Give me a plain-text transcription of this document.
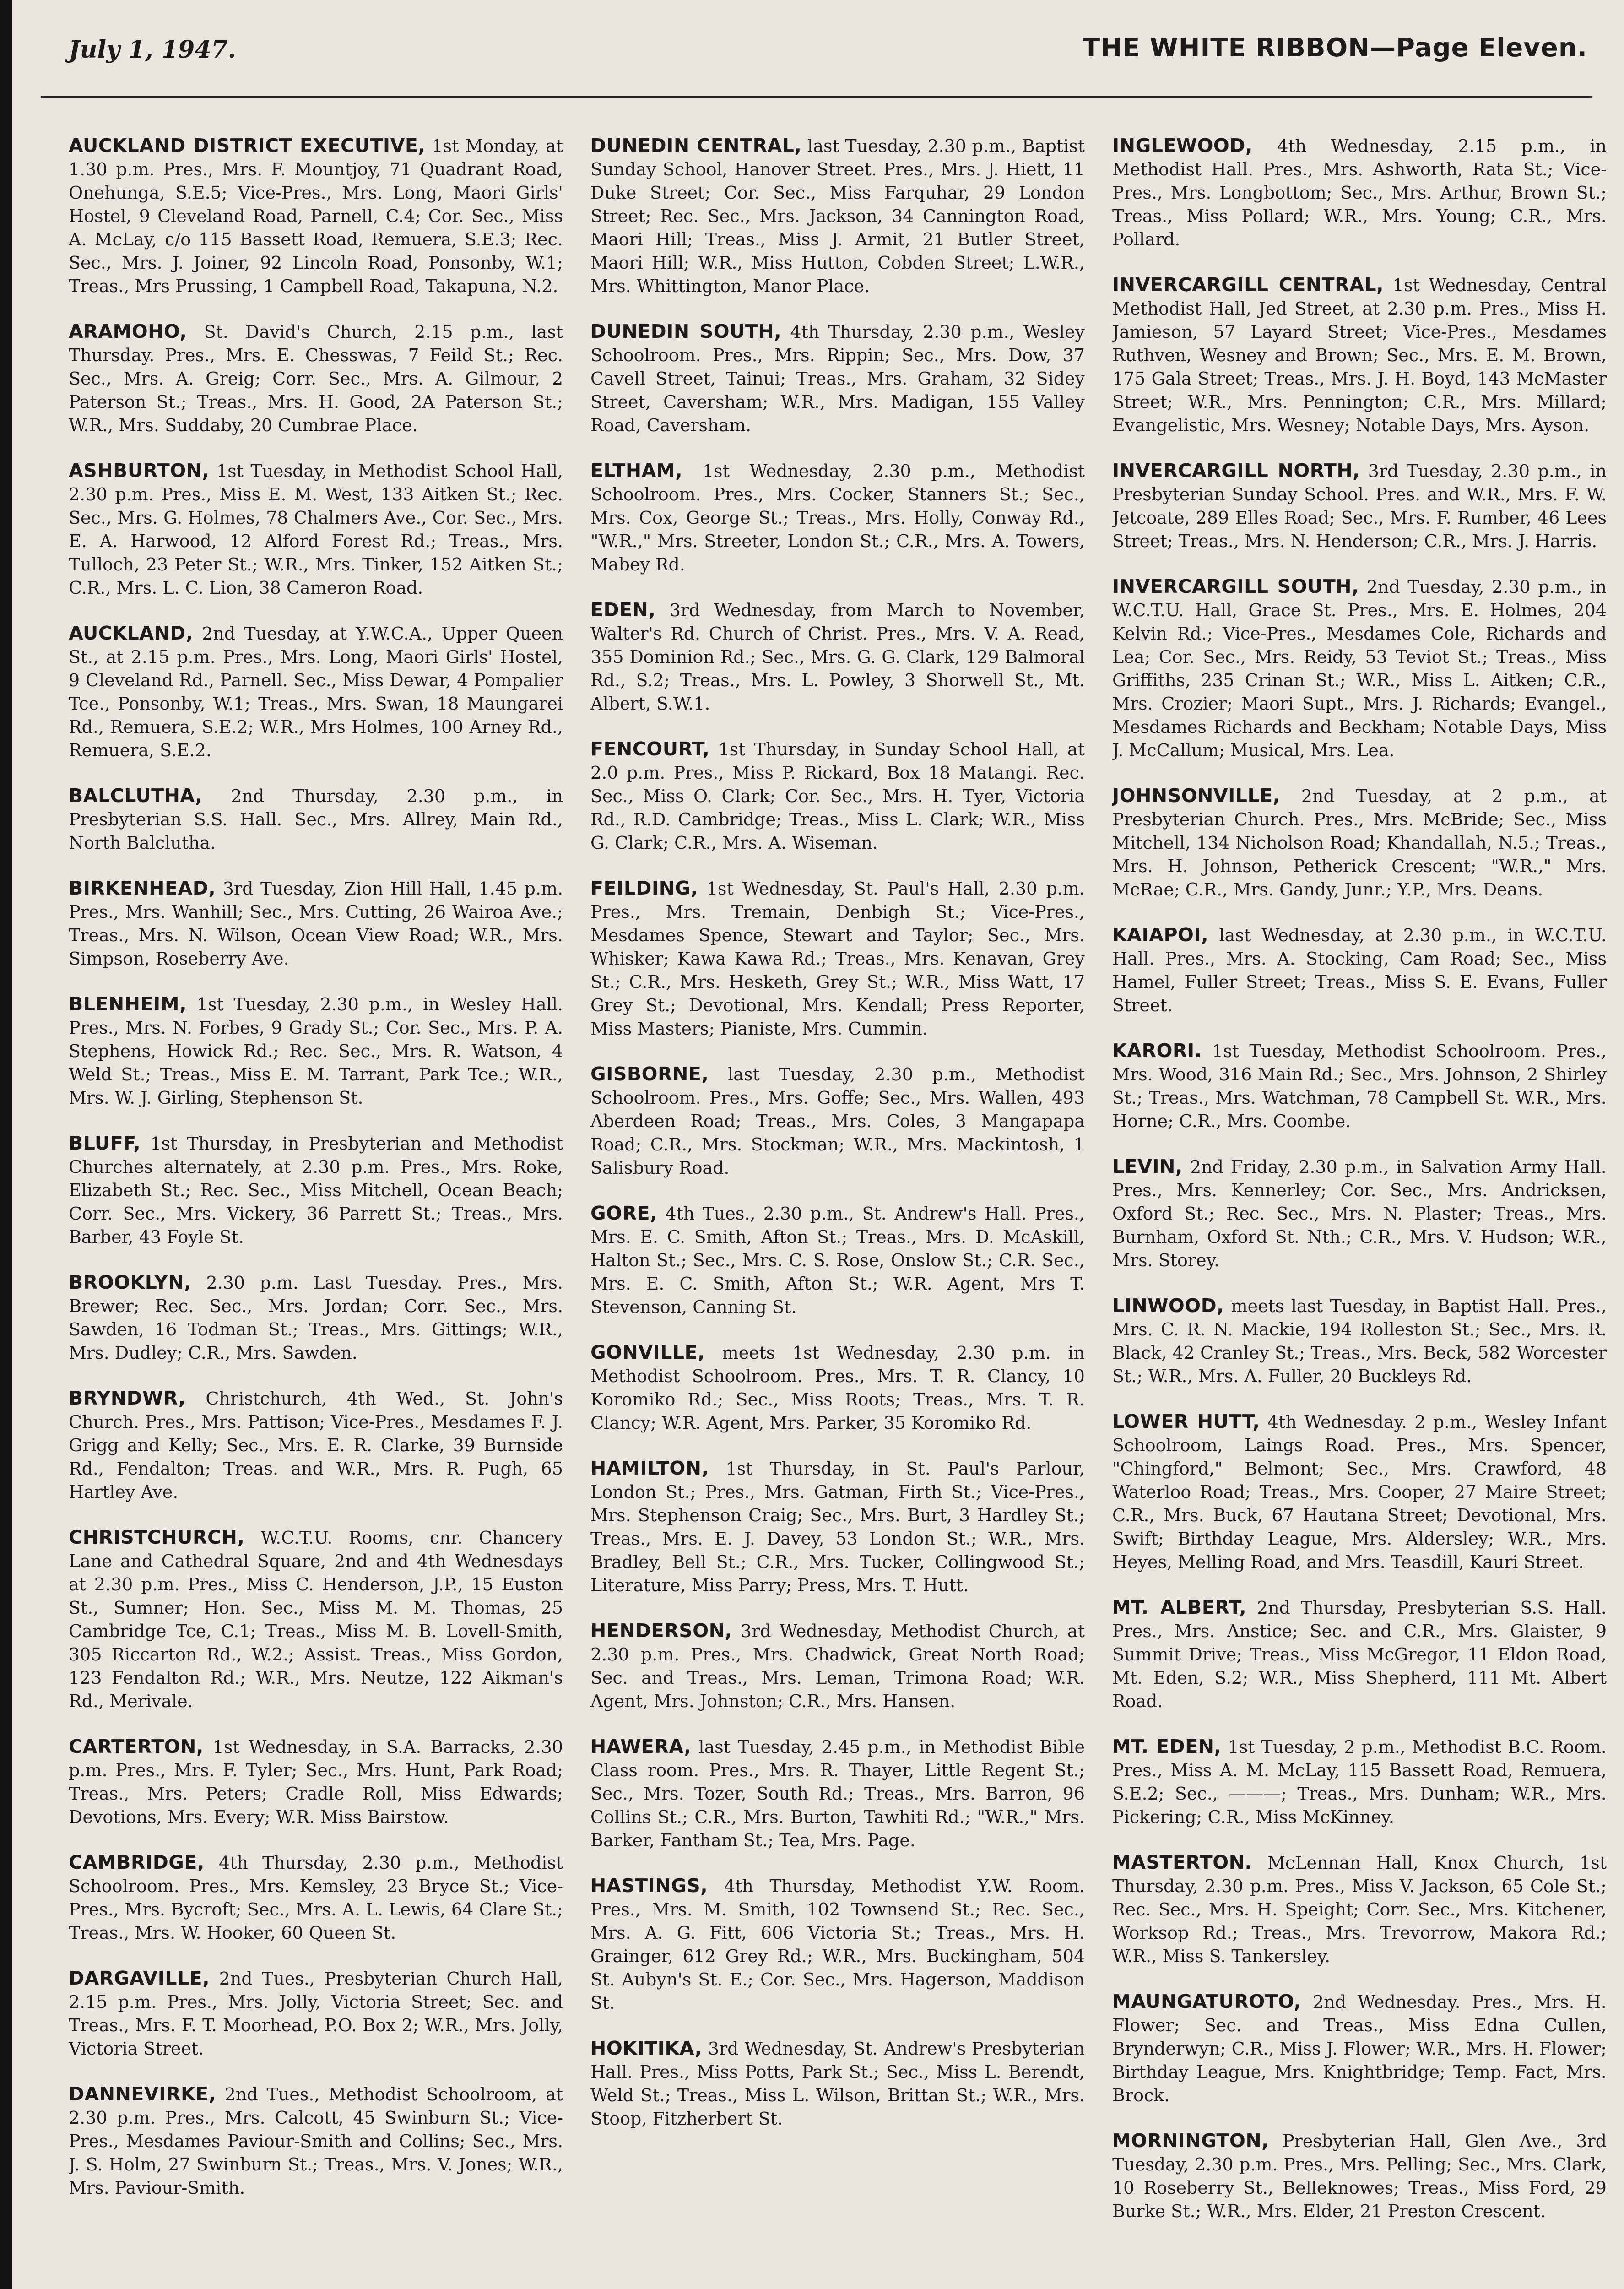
July 1, 1947.	THE WHITE RIBBON—Page Eleven.

AUCKLAND DISTRICT EXECUTIVE, 1st Monday, at 1.30 p.m. Pres., Mrs. F. Mountjoy, 71 Quadrant Road, Onehunga, S.E.5; Vice-Pres., Mrs. Long, Maori Girls' Hostel, 9 Cleveland Road, Parnell, C.4; Cor. Sec., Miss A. McLay, c/o 115 Bassett Road, Remuera, S.E.3; Rec. Sec., Mrs. J. Joiner, 92 Lincoln Road, Ponsonby, W.1; Treas., Mrs Prussing, 1 Campbell Road, Takapuna, N.2.

ARAMOHO, St. David's Church, 2.15 p.m., last Thursday. Pres., Mrs. E. Chesswas, 7 Feild St.; Rec. Sec., Mrs. A. Greig; Corr. Sec., Mrs. A. Gilmour, 2 Paterson St.; Treas., Mrs. H. Good, 2A Paterson St.; W.R., Mrs. Suddaby, 20 Cumbrae Place.

ASHBURTON, 1st Tuesday, in Methodist School Hall, 2.30 p.m. Pres., Miss E. M. West, 133 Aitken St.; Rec. Sec., Mrs. G. Holmes, 78 Chalmers Ave., Cor. Sec., Mrs. E. A. Harwood, 12 Alford Forest Rd.; Treas., Mrs. Tulloch, 23 Peter St.; W.R., Mrs. Tinker, 152 Aitken St.; C.R., Mrs. L. C. Lion, 38 Cameron Road.

AUCKLAND, 2nd Tuesday, at Y.W.C.A., Upper Queen St., at 2.15 p.m. Pres., Mrs. Long, Maori Girls' Hostel, 9 Cleveland Rd., Parnell. Sec., Miss Dewar, 4 Pompalier Tce., Ponsonby, W.1; Treas., Mrs. Swan, 18 Maungarei Rd., Remuera, S.E.2; W.R., Mrs Holmes, 100 Arney Rd., Remuera, S.E.2.

BALCLUTHA, 2nd Thursday, 2.30 p.m., in Presbyterian S.S. Hall. Sec., Mrs. Allrey, Main Rd., North Balclutha.

BIRKENHEAD, 3rd Tuesday, Zion Hill Hall, 1.45 p.m. Pres., Mrs. Wanhill; Sec., Mrs. Cutting, 26 Wairoa Ave.; Treas., Mrs. N. Wilson, Ocean View Road; W.R., Mrs. Simpson, Roseberry Ave.

BLENHEIM, 1st Tuesday, 2.30 p.m., in Wesley Hall. Pres., Mrs. N. Forbes, 9 Grady St.; Cor. Sec., Mrs. P. A. Stephens, Howick Rd.; Rec. Sec., Mrs. R. Watson, 4 Weld St.; Treas., Miss E. M. Tarrant, Park Tce.; W.R., Mrs. W. J. Girling, Stephenson St.

BLUFF, 1st Thursday, in Presbyterian and Methodist Churches alternately, at 2.30 p.m. Pres., Mrs. Roke, Elizabeth St.; Rec. Sec., Miss Mitchell, Ocean Beach; Corr. Sec., Mrs. Vickery, 36 Parrett St.; Treas., Mrs. Barber, 43 Foyle St.

BROOKLYN, 2.30 p.m. Last Tuesday. Pres., Mrs. Brewer; Rec. Sec., Mrs. Jordan; Corr. Sec., Mrs. Sawden, 16 Todman St.; Treas., Mrs. Gittings; W.R., Mrs. Dudley; C.R., Mrs. Sawden.

BRYNDWR, Christchurch, 4th Wed., St. John's Church. Pres., Mrs. Pattison; Vice-Pres., Mesdames F. J. Grigg and Kelly; Sec., Mrs. E. R. Clarke, 39 Burnside Rd., Fendalton; Treas. and W.R., Mrs. R. Pugh, 65 Hartley Ave.

CHRISTCHURCH, W.C.T.U. Rooms, cnr. Chancery Lane and Cathedral Square, 2nd and 4th Wednesdays at 2.30 p.m. Pres., Miss C. Henderson, J.P., 15 Euston St., Sumner; Hon. Sec., Miss M. M. Thomas, 25 Cambridge Tce, C.1; Treas., Miss M. B. Lovell-Smith, 305 Riccarton Rd., W.2.; Assist. Treas., Miss Gordon, 123 Fendalton Rd.; W.R., Mrs. Neutze, 122 Aikman's Rd., Merivale.

CARTERTON, 1st Wednesday, in S.A. Barracks, 2.30 p.m. Pres., Mrs. F. Tyler; Sec., Mrs. Hunt, Park Road; Treas., Mrs. Peters; Cradle Roll, Miss Edwards; Devotions, Mrs. Every; W.R. Miss Bairstow.

CAMBRIDGE, 4th Thursday, 2.30 p.m., Methodist Schoolroom. Pres., Mrs. Kemsley, 23 Bryce St.; Vice-Pres., Mrs. Bycroft; Sec., Mrs. A. L. Lewis, 64 Clare St.; Treas., Mrs. W. Hooker, 60 Queen St.

DARGAVILLE, 2nd Tues., Presbyterian Church Hall, 2.15 p.m. Pres., Mrs. Jolly, Victoria Street; Sec. and Treas., Mrs. F. T. Moorhead, P.O. Box 2; W.R., Mrs. Jolly, Victoria Street.

DANNEVIRKE, 2nd Tues., Methodist Schoolroom, at 2.30 p.m. Pres., Mrs. Calcott, 45 Swinburn St.; Vice-Pres., Mesdames Paviour-Smith and Collins; Sec., Mrs. J. S. Holm, 27 Swinburn St.; Treas., Mrs. V. Jones; W.R., Mrs. Paviour-Smith.

DUNEDIN CENTRAL, last Tuesday, 2.30 p.m., Baptist Sunday School, Hanover Street. Pres., Mrs. J. Hiett, 11 Duke Street; Cor. Sec., Miss Farquhar, 29 London Street; Rec. Sec., Mrs. Jackson, 34 Cannington Road, Maori Hill; Treas., Miss J. Armit, 21 Butler Street, Maori Hill; W.R., Miss Hutton, Cobden Street; L.W.R., Mrs. Whittington, Manor Place.

DUNEDIN SOUTH, 4th Thursday, 2.30 p.m., Wesley Schoolroom. Pres., Mrs. Rippin; Sec., Mrs. Dow, 37 Cavell Street, Tainui; Treas., Mrs. Graham, 32 Sidey Street, Caversham; W.R., Mrs. Madigan, 155 Valley Road, Caversham.

ELTHAM, 1st Wednesday, 2.30 p.m., Methodist Schoolroom. Pres., Mrs. Cocker, Stanners St.; Sec., Mrs. Cox, George St.; Treas., Mrs. Holly, Conway Rd., "W.R.," Mrs. Streeter, London St.; C.R., Mrs. A. Towers, Mabey Rd.

EDEN, 3rd Wednesday, from March to November, Walter's Rd. Church of Christ. Pres., Mrs. V. A. Read, 355 Dominion Rd.; Sec., Mrs. G. G. Clark, 129 Balmoral Rd., S.2; Treas., Mrs. L. Powley, 3 Shorwell St., Mt. Albert, S.W.1.

FENCOURT, 1st Thursday, in Sunday School Hall, at 2.0 p.m. Pres., Miss P. Rickard, Box 18 Matangi. Rec. Sec., Miss O. Clark; Cor. Sec., Mrs. H. Tyer, Victoria Rd., R.D. Cambridge; Treas., Miss L. Clark; W.R., Miss G. Clark; C.R., Mrs. A. Wiseman.

FEILDING, 1st Wednesday, St. Paul's Hall, 2.30 p.m. Pres., Mrs. Tremain, Denbigh St.; Vice-Pres., Mesdames Spence, Stewart and Taylor; Sec., Mrs. Whisker; Kawa Kawa Rd.; Treas., Mrs. Kenavan, Grey St.; C.R., Mrs. Hesketh, Grey St.; W.R., Miss Watt, 17 Grey St.; Devotional, Mrs. Kendall; Press Reporter, Miss Masters; Pianiste, Mrs. Cummin.

GISBORNE, last Tuesday, 2.30 p.m., Methodist Schoolroom. Pres., Mrs. Goffe; Sec., Mrs. Wallen, 493 Aberdeen Road; Treas., Mrs. Coles, 3 Mangapapa Road; C.R., Mrs. Stockman; W.R., Mrs. Mackintosh, 1 Salisbury Road.

GORE, 4th Tues., 2.30 p.m., St. Andrew's Hall. Pres., Mrs. E. C. Smith, Afton St.; Treas., Mrs. D. McAskill, Halton St.; Sec., Mrs. C. S. Rose, Onslow St.; C.R. Sec., Mrs. E. C. Smith, Afton St.; W.R. Agent, Mrs T. Stevenson, Canning St.

GONVILLE, meets 1st Wednesday, 2.30 p.m. in Methodist Schoolroom. Pres., Mrs. T. R. Clancy, 10 Koromiko Rd.; Sec., Miss Roots; Treas., Mrs. T. R. Clancy; W.R. Agent, Mrs. Parker, 35 Koromiko Rd.

HAMILTON, 1st Thursday, in St. Paul's Parlour, London St.; Pres., Mrs. Gatman, Firth St.; Vice-Pres., Mrs. Stephenson Craig; Sec., Mrs. Burt, 3 Hardley St.; Treas., Mrs. E. J. Davey, 53 London St.; W.R., Mrs. Bradley, Bell St.; C.R., Mrs. Tucker, Collingwood St.; Literature, Miss Parry; Press, Mrs. T. Hutt.

HENDERSON, 3rd Wednesday, Methodist Church, at 2.30 p.m. Pres., Mrs. Chadwick, Great North Road; Sec. and Treas., Mrs. Leman, Trimona Road; W.R. Agent, Mrs. Johnston; C.R., Mrs. Hansen.

HAWERA, last Tuesday, 2.45 p.m., in Methodist Bible Class room. Pres., Mrs. R. Thayer, Little Regent St.; Sec., Mrs. Tozer, South Rd.; Treas., Mrs. Barron, 96 Collins St.; C.R., Mrs. Burton, Tawhiti Rd.; "W.R.," Mrs. Barker, Fantham St.; Tea, Mrs. Page.

HASTINGS, 4th Thursday, Methodist Y.W. Room. Pres., Mrs. M. Smith, 102 Townsend St.; Rec. Sec., Mrs. A. G. Fitt, 606 Victoria St.; Treas., Mrs. H. Grainger, 612 Grey Rd.; W.R., Mrs. Buckingham, 504 St. Aubyn's St. E.; Cor. Sec., Mrs. Hagerson, Maddison St.

HOKITIKA, 3rd Wednesday, St. Andrew's Presbyterian Hall. Pres., Miss Potts, Park St.; Sec., Miss L. Berendt, Weld St.; Treas., Miss L. Wilson, Brittan St.; W.R., Mrs. Stoop, Fitzherbert St.

INGLEWOOD, 4th Wednesday, 2.15 p.m., in Methodist Hall. Pres., Mrs. Ashworth, Rata St.; Vice-Pres., Mrs. Longbottom; Sec., Mrs. Arthur, Brown St.; Treas., Miss Pollard; W.R., Mrs. Young; C.R., Mrs. Pollard.

INVERCARGILL CENTRAL, 1st Wednesday, Central Methodist Hall, Jed Street, at 2.30 p.m. Pres., Miss H. Jamieson, 57 Layard Street; Vice-Pres., Mesdames Ruthven, Wesney and Brown; Sec., Mrs. E. M. Brown, 175 Gala Street; Treas., Mrs. J. H. Boyd, 143 McMaster Street; W.R., Mrs. Pennington; C.R., Mrs. Millard; Evangelistic, Mrs. Wesney; Notable Days, Mrs. Ayson.

INVERCARGILL NORTH, 3rd Tuesday, 2.30 p.m., in Presbyterian Sunday School. Pres. and W.R., Mrs. F. W. Jetcoate, 289 Elles Road; Sec., Mrs. F. Rumber, 46 Lees Street; Treas., Mrs. N. Henderson; C.R., Mrs. J. Harris.

INVERCARGILL SOUTH, 2nd Tuesday, 2.30 p.m., in W.C.T.U. Hall, Grace St. Pres., Mrs. E. Holmes, 204 Kelvin Rd.; Vice-Pres., Mesdames Cole, Richards and Lea; Cor. Sec., Mrs. Reidy, 53 Teviot St.; Treas., Miss Griffiths, 235 Crinan St.; W.R., Miss L. Aitken; C.R., Mrs. Crozier; Maori Supt., Mrs. J. Richards; Evangel., Mesdames Richards and Beckham; Notable Days, Miss J. McCallum; Musical, Mrs. Lea.

JOHNSONVILLE, 2nd Tuesday, at 2 p.m., at Presbyterian Church. Pres., Mrs. McBride; Sec., Miss Mitchell, 134 Nicholson Road; Khandallah, N.5.; Treas., Mrs. H. Johnson, Petherick Crescent; "W.R.," Mrs. McRae; C.R., Mrs. Gandy, Junr.; Y.P., Mrs. Deans.

KAIAPOI, last Wednesday, at 2.30 p.m., in W.C.T.U. Hall. Pres., Mrs. A. Stocking, Cam Road; Sec., Miss Hamel, Fuller Street; Treas., Miss S. E. Evans, Fuller Street.

KARORI. 1st Tuesday, Methodist Schoolroom. Pres., Mrs. Wood, 316 Main Rd.; Sec., Mrs. Johnson, 2 Shirley St.; Treas., Mrs. Watchman, 78 Campbell St. W.R., Mrs. Horne; C.R., Mrs. Coombe.

LEVIN, 2nd Friday, 2.30 p.m., in Salvation Army Hall. Pres., Mrs. Kennerley; Cor. Sec., Mrs. Andricksen, Oxford St.; Rec. Sec., Mrs. N. Plaster; Treas., Mrs. Burnham, Oxford St. Nth.; C.R., Mrs. V. Hudson; W.R., Mrs. Storey.

LINWOOD, meets last Tuesday, in Baptist Hall. Pres., Mrs. C. R. N. Mackie, 194 Rolleston St.; Sec., Mrs. R. Black, 42 Cranley St.; Treas., Mrs. Beck, 582 Worcester St.; W.R., Mrs. A. Fuller, 20 Buckleys Rd.

LOWER HUTT, 4th Wednesday. 2 p.m., Wesley Infant Schoolroom, Laings Road. Pres., Mrs. Spencer, "Chingford," Belmont; Sec., Mrs. Crawford, 48 Waterloo Road; Treas., Mrs. Cooper, 27 Maire Street; C.R., Mrs. Buck, 67 Hautana Street; Devotional, Mrs. Swift; Birthday League, Mrs. Aldersley; W.R., Mrs. Heyes, Melling Road, and Mrs. Teasdill, Kauri Street.

MT. ALBERT, 2nd Thursday, Presbyterian S.S. Hall. Pres., Mrs. Anstice; Sec. and C.R., Mrs. Glaister, 9 Summit Drive; Treas., Miss McGregor, 11 Eldon Road, Mt. Eden, S.2; W.R., Miss Shepherd, 111 Mt. Albert Road.

MT. EDEN, 1st Tuesday, 2 p.m., Methodist B.C. Room. Pres., Miss A. M. McLay, 115 Bassett Road, Remuera, S.E.2; Sec., ———; Treas., Mrs. Dunham; W.R., Mrs. Pickering; C.R., Miss McKinney.

MASTERTON. McLennan Hall, Knox Church, 1st Thursday, 2.30 p.m. Pres., Miss V. Jackson, 65 Cole St.; Rec. Sec., Mrs. H. Speight; Corr. Sec., Mrs. Kitchener, Worksop Rd.; Treas., Mrs. Trevorrow, Makora Rd.; W.R., Miss S. Tankersley.

MAUNGATUROTO, 2nd Wednesday. Pres., Mrs. H. Flower; Sec. and Treas., Miss Edna Cullen, Brynderwyn; C.R., Miss J. Flower; W.R., Mrs. H. Flower; Birthday League, Mrs. Knightbridge; Temp. Fact, Mrs. Brock.

MORNINGTON, Presbyterian Hall, Glen Ave., 3rd Tuesday, 2.30 p.m. Pres., Mrs. Pelling; Sec., Mrs. Clark, 10 Roseberry St., Belleknowes; Treas., Miss Ford, 29 Burke St.; W.R., Mrs. Elder, 21 Preston Crescent.
